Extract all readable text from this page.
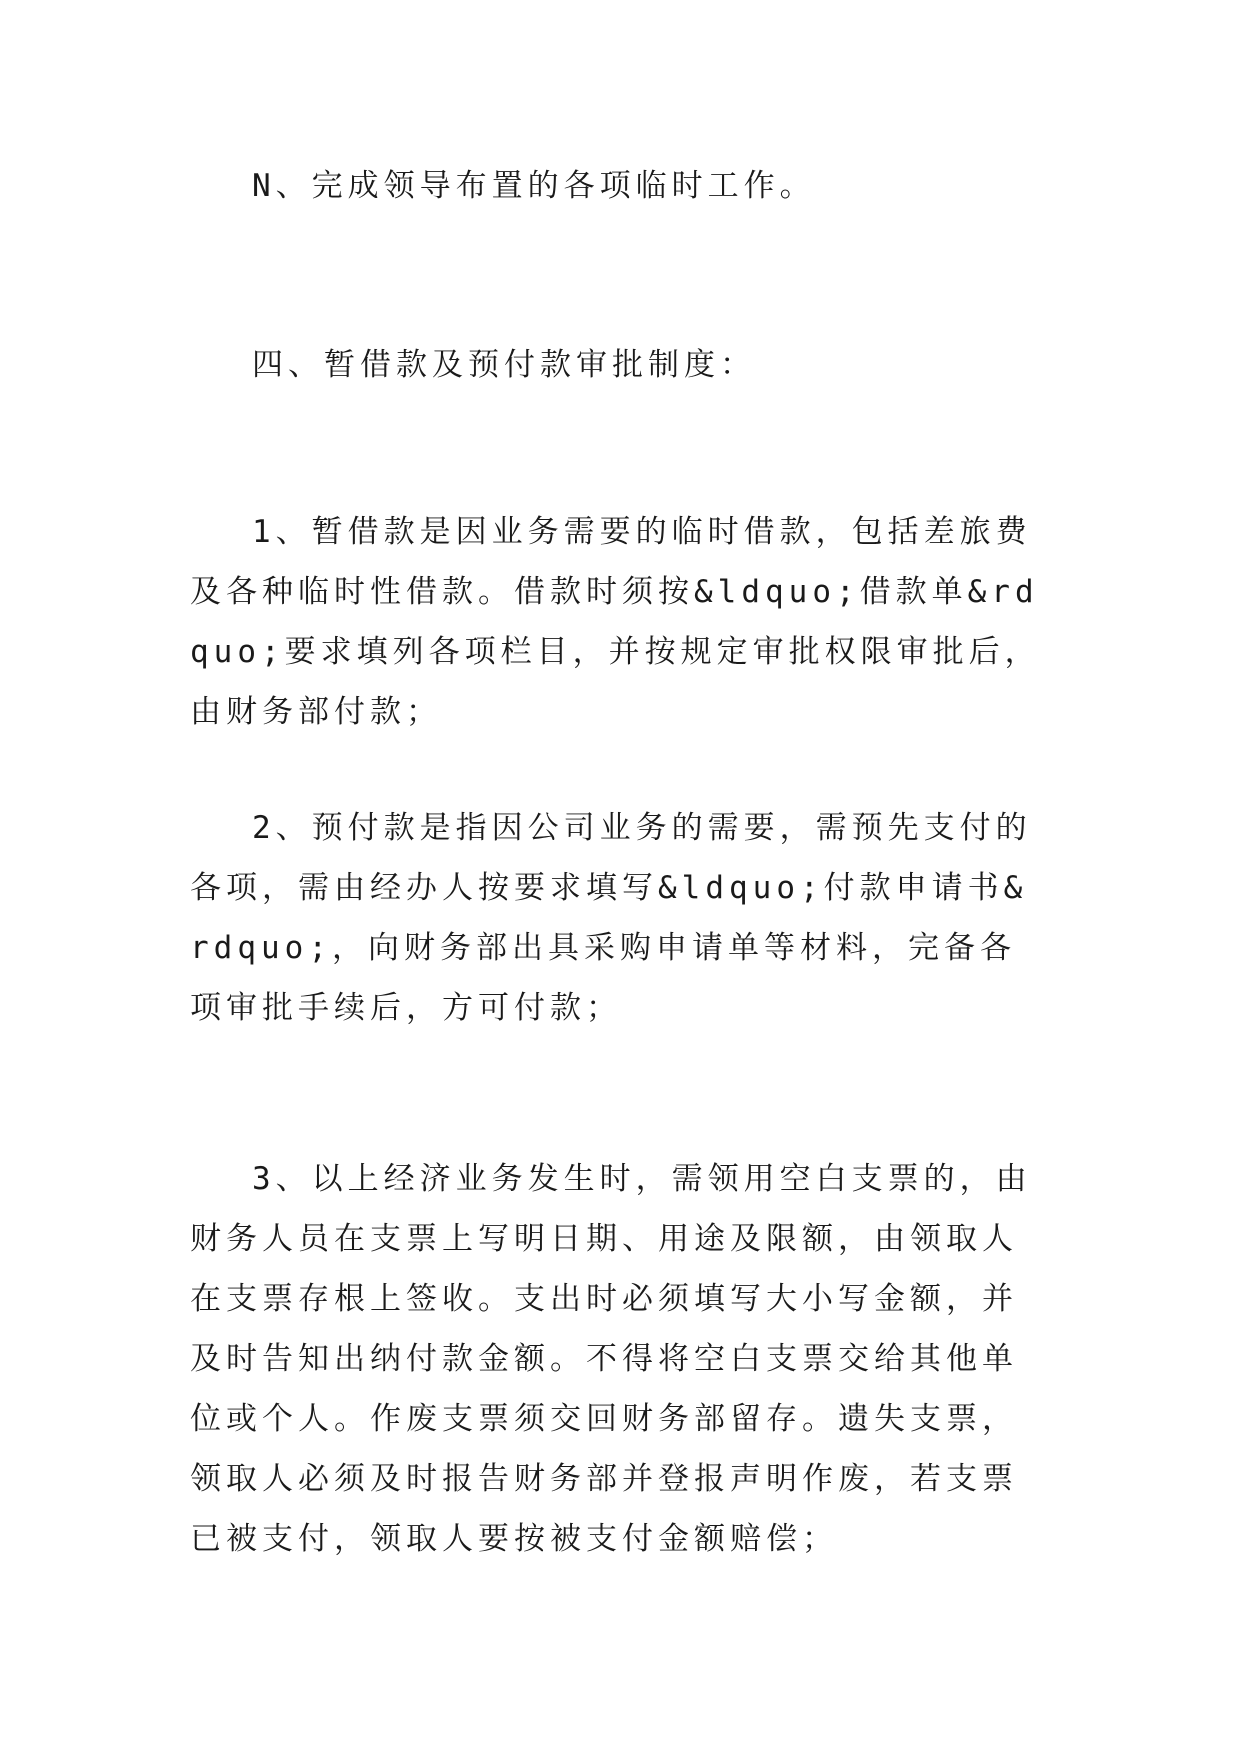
N、完成领导布置的各项临时工作。

四、暂借款及预付款审批制度：

1、暂借款是因业务需要的临时借款，包括差旅费及各种临时性借款。借款时须按&ldquo;借款单&rdquo;要求填列各项栏目，并按规定审批权限审批后，由财务部付款；

2、预付款是指因公司业务的需要，需预先支付的各项，需由经办人按要求填写&ldquo;付款申请书&rdquo;，向财务部出具采购申请单等材料，完备各项审批手续后，方可付款；

3、以上经济业务发生时，需领用空白支票的，由财务人员在支票上写明日期、用途及限额，由领取人在支票存根上签收。支出时必须填写大小写金额，并及时告知出纳付款金额。不得将空白支票交给其他单位或个人。作废支票须交回财务部留存。遗失支票，领取人必须及时报告财务部并登报声明作废，若支票已被支付，领取人要按被支付金额赔偿；
